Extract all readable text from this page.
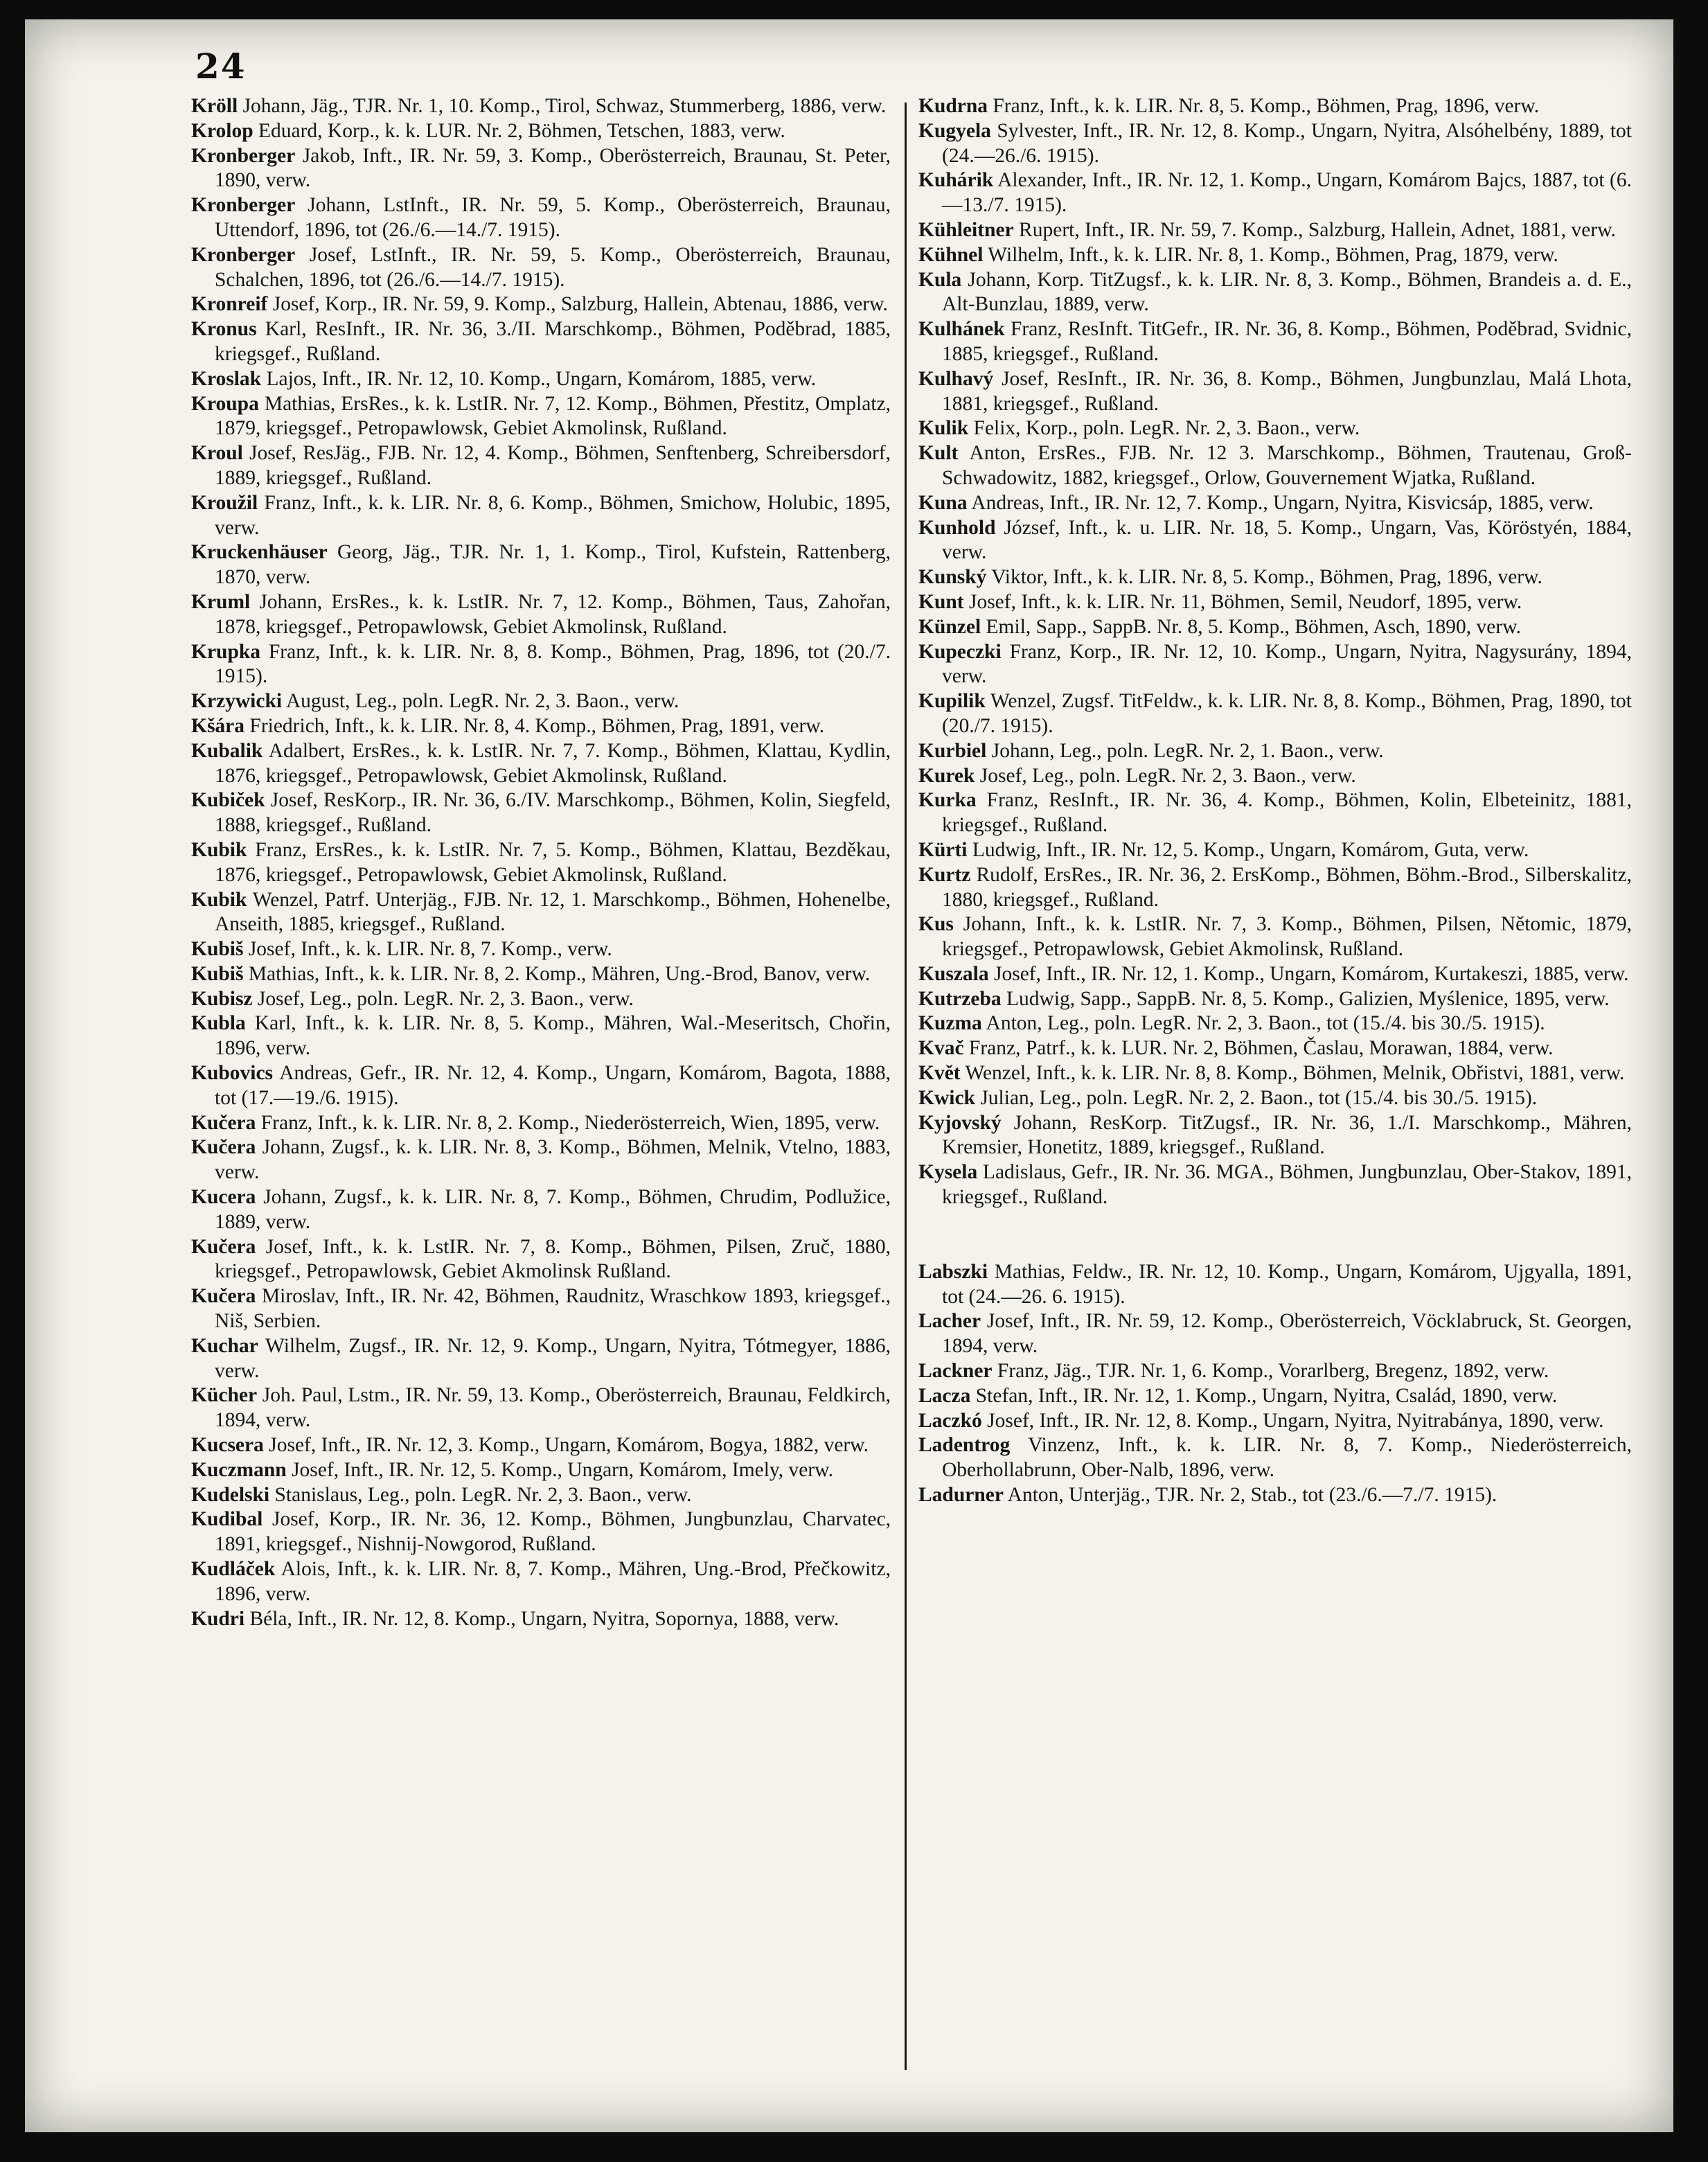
24

Kröll Johann, Jäg., TJR. Nr. 1, 10. Komp., Tirol, Schwaz, Stummerberg, 1886, verw.

Krolop Eduard, Korp., k. k. LUR. Nr. 2, Böhmen, Tetschen, 1883, verw.

Kronberger Jakob, Inft., IR. Nr. 59, 3. Komp., Oberösterreich, Braunau, St. Peter, 1890, verw.

Kronberger Johann, LstInft., IR. Nr. 59, 5. Komp., Oberösterreich, Braunau, Uttendorf, 1896, tot (26./6.—14./7. 1915).

Kronberger Josef, LstInft., IR. Nr. 59, 5. Komp., Oberösterreich, Braunau, Schalchen, 1896, tot (26./6.—14./7. 1915).

Kronreif Josef, Korp., IR. Nr. 59, 9. Komp., Salzburg, Hallein, Abtenau, 1886, verw.

Kronus Karl, ResInft., IR. Nr. 36, 3./II. Marschkomp., Böhmen, Poděbrad, 1885, kriegsgef., Rußland.

Kroslak Lajos, Inft., IR. Nr. 12, 10. Komp., Ungarn, Komárom, 1885, verw.

Kroupa Mathias, ErsRes., k. k. LstIR. Nr. 7, 12. Komp., Böhmen, Přestitz, Omplatz, 1879, kriegsgef., Petropawlowsk, Gebiet Akmolinsk, Rußland.

Kroul Josef, ResJäg., FJB. Nr. 12, 4. Komp., Böhmen, Senftenberg, Schreibersdorf, 1889, kriegsgef., Rußland.

Kroužil Franz, Inft., k. k. LIR. Nr. 8, 6. Komp., Böhmen, Smichow, Holubic, 1895, verw.

Kruckenhäuser Georg, Jäg., TJR. Nr. 1, 1. Komp., Tirol, Kufstein, Rattenberg, 1870, verw.

Kruml Johann, ErsRes., k. k. LstIR. Nr. 7, 12. Komp., Böhmen, Taus, Zahořan, 1878, kriegsgef., Petropawlowsk, Gebiet Akmolinsk, Rußland.

Krupka Franz, Inft., k. k. LIR. Nr. 8, 8. Komp., Böhmen, Prag, 1896, tot (20./7. 1915).

Krzywicki August, Leg., poln. LegR. Nr. 2, 3. Baon., verw.

Kšára Friedrich, Inft., k. k. LIR. Nr. 8, 4. Komp., Böhmen, Prag, 1891, verw.

Kubalik Adalbert, ErsRes., k. k. LstIR. Nr. 7, 7. Komp., Böhmen, Klattau, Kydlin, 1876, kriegsgef., Petropawlowsk, Gebiet Akmolinsk, Rußland.

Kubiček Josef, ResKorp., IR. Nr. 36, 6./IV. Marschkomp., Böhmen, Kolin, Siegfeld, 1888, kriegsgef., Rußland.

Kubik Franz, ErsRes., k. k. LstIR. Nr. 7, 5. Komp., Böhmen, Klattau, Bezděkau, 1876, kriegsgef., Petropawlowsk, Gebiet Akmolinsk, Rußland.

Kubik Wenzel, Patrf. Unterjäg., FJB. Nr. 12, 1. Marschkomp., Böhmen, Hohenelbe, Anseith, 1885, kriegsgef., Rußland.

Kubiš Josef, Inft., k. k. LIR. Nr. 8, 7. Komp., verw.

Kubiš Mathias, Inft., k. k. LIR. Nr. 8, 2. Komp., Mähren, Ung.-Brod, Banov, verw.

Kubisz Josef, Leg., poln. LegR. Nr. 2, 3. Baon., verw.

Kubla Karl, Inft., k. k. LIR. Nr. 8, 5. Komp., Mähren, Wal.-Meseritsch, Chořin, 1896, verw.

Kubovics Andreas, Gefr., IR. Nr. 12, 4. Komp., Ungarn, Komárom, Bagota, 1888, tot (17.—19./6. 1915).

Kučera Franz, Inft., k. k. LIR. Nr. 8, 2. Komp., Niederösterreich, Wien, 1895, verw.

Kučera Johann, Zugsf., k. k. LIR. Nr. 8, 3. Komp., Böhmen, Melnik, Vtelno, 1883, verw.

Kucera Johann, Zugsf., k. k. LIR. Nr. 8, 7. Komp., Böhmen, Chrudim, Podlužice, 1889, verw.

Kučera Josef, Inft., k. k. LstIR. Nr. 7, 8. Komp., Böhmen, Pilsen, Zruč, 1880, kriegsgef., Petropawlowsk, Gebiet Akmolinsk Rußland.

Kučera Miroslav, Inft., IR. Nr. 42, Böhmen, Raudnitz, Wraschkow 1893, kriegsgef., Niš, Serbien.

Kuchar Wilhelm, Zugsf., IR. Nr. 12, 9. Komp., Ungarn, Nyitra, Tótmegyer, 1886, verw.

Kücher Joh. Paul, Lstm., IR. Nr. 59, 13. Komp., Oberösterreich, Braunau, Feldkirch, 1894, verw.

Kucsera Josef, Inft., IR. Nr. 12, 3. Komp., Ungarn, Komárom, Bogya, 1882, verw.

Kuczmann Josef, Inft., IR. Nr. 12, 5. Komp., Ungarn, Komárom, Imely, verw.

Kudelski Stanislaus, Leg., poln. LegR. Nr. 2, 3. Baon., verw.

Kudibal Josef, Korp., IR. Nr. 36, 12. Komp., Böhmen, Jungbunzlau, Charvatec, 1891, kriegsgef., Nishnij-Nowgorod, Rußland.

Kudláček Alois, Inft., k. k. LIR. Nr. 8, 7. Komp., Mähren, Ung.-Brod, Přečkowitz, 1896, verw.

Kudri Béla, Inft., IR. Nr. 12, 8. Komp., Ungarn, Nyitra, Sopornya, 1888, verw.

Kudrna Franz, Inft., k. k. LIR. Nr. 8, 5. Komp., Böhmen, Prag, 1896, verw.

Kugyela Sylvester, Inft., IR. Nr. 12, 8. Komp., Ungarn, Nyitra, Alsóhelbény, 1889, tot (24.—26./6. 1915).

Kuhárik Alexander, Inft., IR. Nr. 12, 1. Komp., Ungarn, Komárom Bajcs, 1887, tot (6.—13./7. 1915).

Kühleitner Rupert, Inft., IR. Nr. 59, 7. Komp., Salzburg, Hallein, Adnet, 1881, verw.

Kühnel Wilhelm, Inft., k. k. LIR. Nr. 8, 1. Komp., Böhmen, Prag, 1879, verw.

Kula Johann, Korp. TitZugsf., k. k. LIR. Nr. 8, 3. Komp., Böhmen, Brandeis a. d. E., Alt-Bunzlau, 1889, verw.

Kulhánek Franz, ResInft. TitGefr., IR. Nr. 36, 8. Komp., Böhmen, Poděbrad, Svidnic, 1885, kriegsgef., Rußland.

Kulhavý Josef, ResInft., IR. Nr. 36, 8. Komp., Böhmen, Jungbunzlau, Malá Lhota, 1881, kriegsgef., Rußland.

Kulik Felix, Korp., poln. LegR. Nr. 2, 3. Baon., verw.

Kult Anton, ErsRes., FJB. Nr. 12 3. Marschkomp., Böhmen, Trautenau, Groß-Schwadowitz, 1882, kriegsgef., Orlow, Gouvernement Wjatka, Rußland.

Kuna Andreas, Inft., IR. Nr. 12, 7. Komp., Ungarn, Nyitra, Kisvicsáp, 1885, verw.

Kunhold József, Inft., k. u. LIR. Nr. 18, 5. Komp., Ungarn, Vas, Köröstyén, 1884, verw.

Kunský Viktor, Inft., k. k. LIR. Nr. 8, 5. Komp., Böhmen, Prag, 1896, verw.

Kunt Josef, Inft., k. k. LIR. Nr. 11, Böhmen, Semil, Neudorf, 1895, verw.

Künzel Emil, Sapp., SappB. Nr. 8, 5. Komp., Böhmen, Asch, 1890, verw.

Kupeczki Franz, Korp., IR. Nr. 12, 10. Komp., Ungarn, Nyitra, Nagysurány, 1894, verw.

Kupilik Wenzel, Zugsf. TitFeldw., k. k. LIR. Nr. 8, 8. Komp., Böhmen, Prag, 1890, tot (20./7. 1915).

Kurbiel Johann, Leg., poln. LegR. Nr. 2, 1. Baon., verw.

Kurek Josef, Leg., poln. LegR. Nr. 2, 3. Baon., verw.

Kurka Franz, ResInft., IR. Nr. 36, 4. Komp., Böhmen, Kolin, Elbeteinitz, 1881, kriegsgef., Rußland.

Kürti Ludwig, Inft., IR. Nr. 12, 5. Komp., Ungarn, Komárom, Guta, verw.

Kurtz Rudolf, ErsRes., IR. Nr. 36, 2. ErsKomp., Böhmen, Böhm.-Brod., Silberskalitz, 1880, kriegsgef., Rußland.

Kus Johann, Inft., k. k. LstIR. Nr. 7, 3. Komp., Böhmen, Pilsen, Nětomic, 1879, kriegsgef., Petropawlowsk, Gebiet Akmolinsk, Rußland.

Kuszala Josef, Inft., IR. Nr. 12, 1. Komp., Ungarn, Komárom, Kurtakeszi, 1885, verw.

Kutrzeba Ludwig, Sapp., SappB. Nr. 8, 5. Komp., Galizien, Myślenice, 1895, verw.

Kuzma Anton, Leg., poln. LegR. Nr. 2, 3. Baon., tot (15./4. bis 30./5. 1915).

Kvač Franz, Patrf., k. k. LUR. Nr. 2, Böhmen, Časlau, Morawan, 1884, verw.

Květ Wenzel, Inft., k. k. LIR. Nr. 8, 8. Komp., Böhmen, Melnik, Obřistvi, 1881, verw.

Kwick Julian, Leg., poln. LegR. Nr. 2, 2. Baon., tot (15./4. bis 30./5. 1915).

Kyjovský Johann, ResKorp. TitZugsf., IR. Nr. 36, 1./I. Marschkomp., Mähren, Kremsier, Honetitz, 1889, kriegsgef., Rußland.

Kysela Ladislaus, Gefr., IR. Nr. 36. MGA., Böhmen, Jungbunzlau, Ober-Stakov, 1891, kriegsgef., Rußland.

Labszki Mathias, Feldw., IR. Nr. 12, 10. Komp., Ungarn, Komárom, Ujgyalla, 1891, tot (24.—26. 6. 1915).

Lacher Josef, Inft., IR. Nr. 59, 12. Komp., Oberösterreich, Vöcklabruck, St. Georgen, 1894, verw.

Lackner Franz, Jäg., TJR. Nr. 1, 6. Komp., Vorarlberg, Bregenz, 1892, verw.

Lacza Stefan, Inft., IR. Nr. 12, 1. Komp., Ungarn, Nyitra, Család, 1890, verw.

Laczkó Josef, Inft., IR. Nr. 12, 8. Komp., Ungarn, Nyitra, Nyitrabánya, 1890, verw.

Ladentrog Vinzenz, Inft., k. k. LIR. Nr. 8, 7. Komp., Niederösterreich, Oberhollabrunn, Ober-Nalb, 1896, verw.

Ladurner Anton, Unterjäg., TJR. Nr. 2, Stab., tot (23./6.—7./7. 1915).
